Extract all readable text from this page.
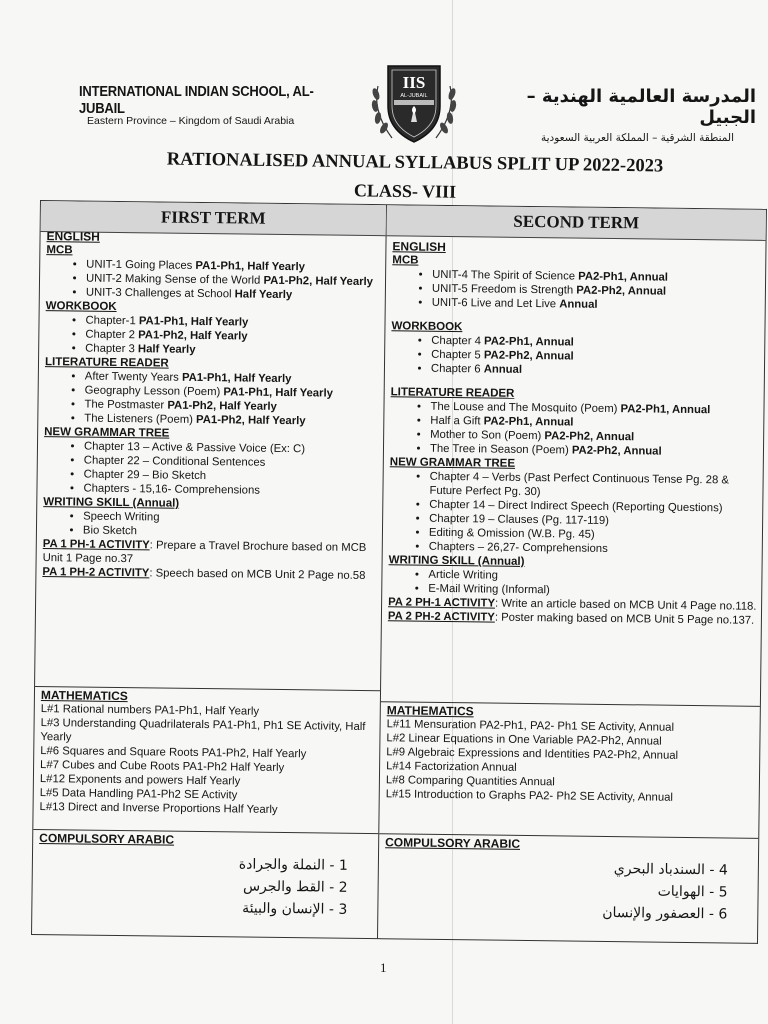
INTERNATIONAL INDIAN SCHOOL, AL-JUBAIL
Eastern Province – Kingdom of Saudi Arabia
IIS
AL-JUBAIL	المدرسة العالمية الهندية – الجبيل
المنطقة الشرقية – المملكة العربية السعودية
RATIONALISED ANNUAL SYLLABUS SPLIT UP 2022-2023
CLASS- VIII
FIRST TERM
ENGLISH
MCB
• UNIT-1 Going Places PA1-Ph1, Half Yearly
• UNIT-2 Making Sense of the World PA1-Ph2, Half Yearly
• UNIT-3 Challenges at School Half Yearly
WORKBOOK
• Chapter-1 PA1-Ph1, Half Yearly
• Chapter 2 PA1-Ph2, Half Yearly
• Chapter 3 Half Yearly
LITERATURE READER
• After Twenty Years PA1-Ph1, Half Yearly
• Geography Lesson (Poem) PA1-Ph1, Half Yearly
• The Postmaster PA1-Ph2, Half Yearly
• The Listeners (Poem) PA1-Ph2, Half Yearly
NEW GRAMMAR TREE
• Chapter 13 – Active & Passive Voice (Ex: C)
• Chapter 22 – Conditional Sentences
• Chapter 29 – Bio Sketch
• Chapters - 15,16- Comprehensions
WRITING SKILL (Annual)
• Speech Writing
• Bio Sketch
PA 1 PH-1 ACTIVITY: Prepare a Travel Brochure based on MCB Unit 1 Page no.37
PA 1 PH-2 ACTIVITY: Speech based on MCB Unit 2 Page no.58
MATHEMATICS
L#1 Rational numbers PA1-Ph1, Half Yearly
L#3 Understanding Quadrilaterals PA1-Ph1, Ph1 SE Activity, Half Yearly
L#6 Squares and Square Roots PA1-Ph2, Half Yearly
L#7 Cubes and Cube Roots PA1-Ph2 Half Yearly
L#12 Exponents and powers Half Yearly
L#5 Data Handling PA1-Ph2 SE Activity
L#13 Direct and Inverse Proportions Half Yearly
COMPULSORY ARABIC
1 - النملة والجرادة
2 - القط والجرس
3 - الإنسان والبيئة
SECOND TERM
ENGLISH
MCB
• UNIT-4 The Spirit of Science PA2-Ph1, Annual
• UNIT-5 Freedom is Strength PA2-Ph2, Annual
• UNIT-6 Live and Let Live Annual
WORKBOOK
• Chapter 4 PA2-Ph1, Annual
• Chapter 5 PA2-Ph2, Annual
• Chapter 6 Annual
LITERATURE READER
• The Louse and The Mosquito (Poem) PA2-Ph1, Annual
• Half a Gift PA2-Ph1, Annual
• Mother to Son (Poem) PA2-Ph2, Annual
• The Tree in Season (Poem) PA2-Ph2, Annual
NEW GRAMMAR TREE
• Chapter 4 – Verbs (Past Perfect Continuous Tense Pg. 28 & Future Perfect Pg. 30)
• Chapter 14 – Direct Indirect Speech (Reporting Questions)
• Chapter 19 – Clauses (Pg. 117-119)
• Editing & Omission (W.B. Pg. 45)
• Chapters – 26,27- Comprehensions
WRITING SKILL (Annual)
• Article Writing
• E-Mail Writing (Informal)
PA 2 PH-1 ACTIVITY: Write an article based on MCB Unit 4 Page no.118.
PA 2 PH-2 ACTIVITY: Poster making based on MCB Unit 5 Page no.137.
MATHEMATICS
L#11 Mensuration PA2-Ph1, PA2- Ph1 SE Activity, Annual
L#2 Linear Equations in One Variable PA2-Ph2, Annual
L#9 Algebraic Expressions and Identities PA2-Ph2, Annual
L#14 Factorization Annual
L#8 Comparing Quantities Annual
L#15 Introduction to Graphs PA2- Ph2 SE Activity, Annual
COMPULSORY ARABIC
4 - السندباد البحري
5 - الهوايات
6 - العصفور والإنسان
1
